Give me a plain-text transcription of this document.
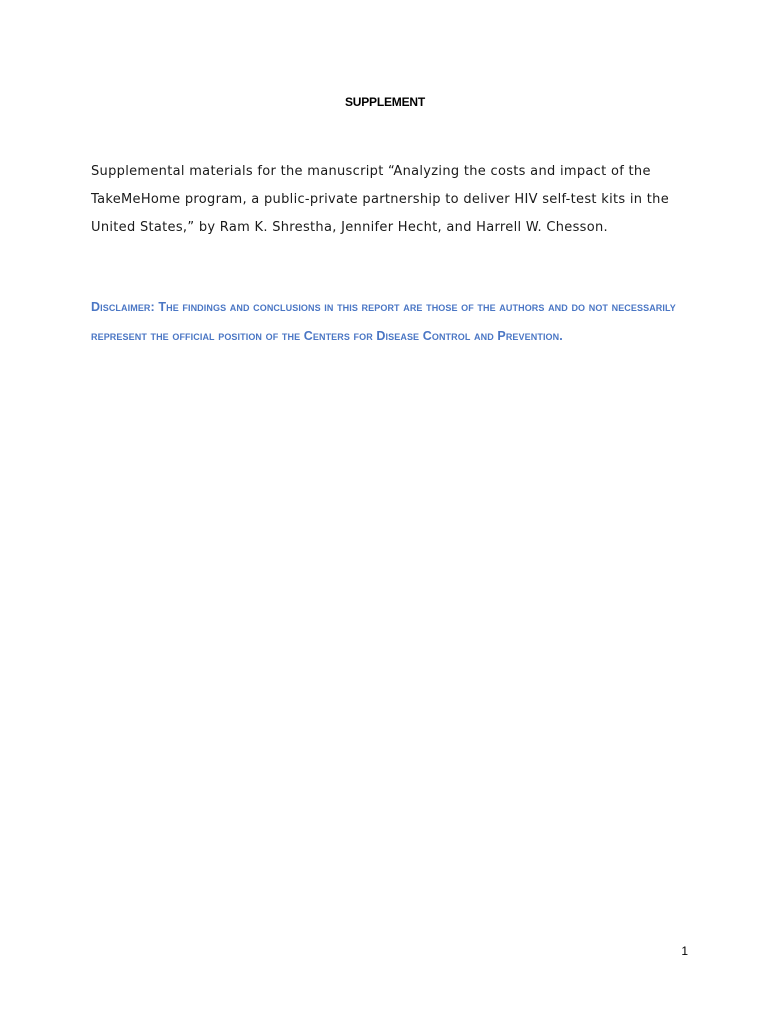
SUPPLEMENT

Supplemental materials for the manuscript “Analyzing the costs and impact of the TakeMeHome program, a public-private partnership to deliver HIV self-test kits in the United States,” by Ram K. Shrestha, Jennifer Hecht, and Harrell W. Chesson.

Disclaimer: The findings and conclusions in this report are those of the authors and do not necessarily represent the official position of the Centers for Disease Control and Prevention.

1
